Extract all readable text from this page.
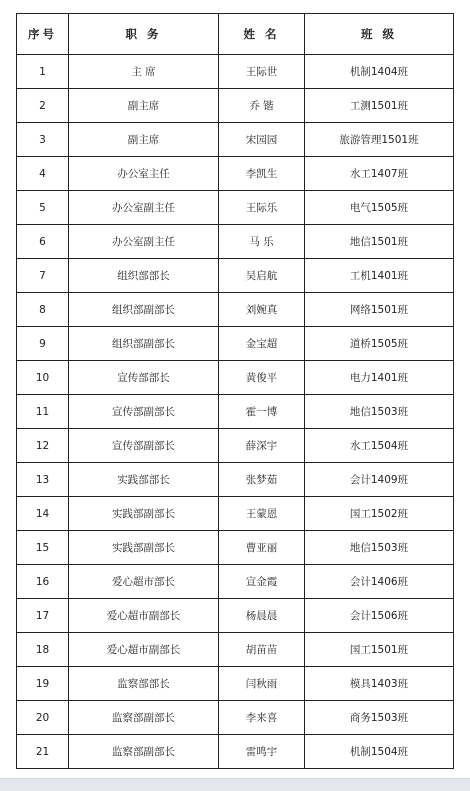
序号	职 务	姓 名	班 级
1	主 席	王际世	机制1404班
2	副主席	乔 锴	工测1501班
3	副主席	宋园园	旅游管理1501班
4	办公室主任	李凯生	水工1407班
5	办公室副主任	王际乐	电气1505班
6	办公室副主任	马 乐	地信1501班
7	组织部部长	吴启航	工机1401班
8	组织部副部长	刘婉真	网络1501班
9	组织部副部长	金宝超	道桥1505班
10	宣传部部长	黄俊平	电力1401班
11	宣传部副部长	霍一博	地信1503班
12	宣传部副部长	薛深宇	水工1504班
13	实践部部长	张梦茹	会计1409班
14	实践部副部长	王蒙恩	国工1502班
15	实践部副部长	曹亚丽	地信1503班
16	爱心超市部长	宣金霞	会计1406班
17	爱心超市副部长	杨晨晨	会计1506班
18	爱心超市副部长	胡苗苗	国工1501班
19	监察部部长	闫秋雨	模具1403班
20	监察部副部长	李来喜	商务1503班
21	监察部副部长	雷鸣宇	机制1504班
